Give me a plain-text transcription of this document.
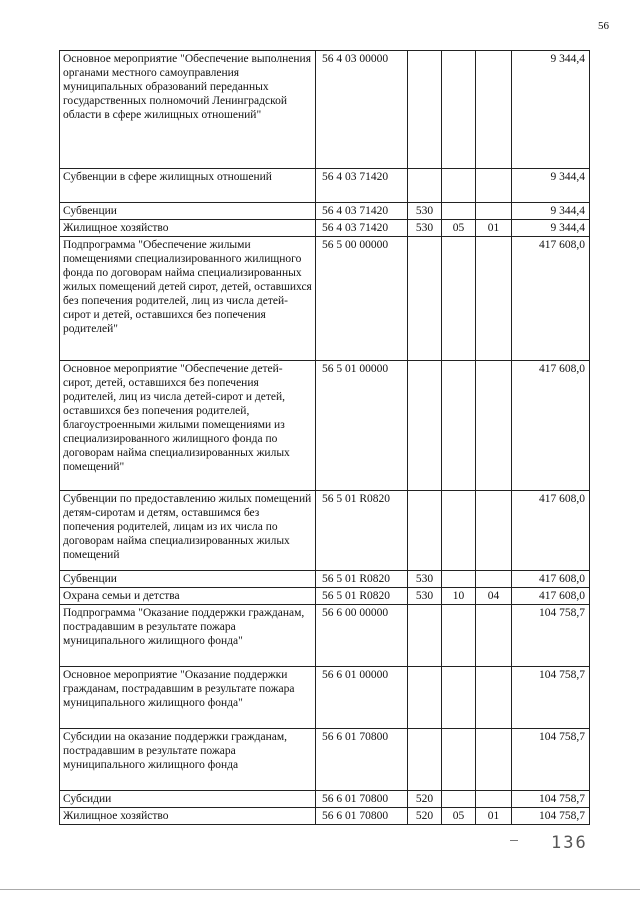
56
Основное мероприятие "Обеспечение выполнения органами местного самоуправления муниципальных образований переданных государственных полномочий Ленинградской области в сфере жилищных отношений"	56 4 03 00000				9 344,4
Субвенции в сфере жилищных отношений	56 4 03 71420				9 344,4
Субвенции	56 4 03 71420	530			9 344,4
Жилищное хозяйство	56 4 03 71420	530	05	01	9 344,4
Подпрограмма "Обеспечение жилыми помещениями специализированного жилищного фонда по договорам найма специализированных жилых помещений детей сирот, детей, оставшихся без попечения родителей, лиц из числа детей-сирот и детей, оставшихся без попечения родителей"	56 5 00 00000				417 608,0
Основное мероприятие "Обеспечение детей-сирот, детей, оставшихся без попечения родителей, лиц из числа детей-сирот и детей, оставшихся без попечения родителей, благоустроенными жилыми помещениями из специализированного жилищного фонда по договорам найма специализированных жилых помещений"	56 5 01 00000				417 608,0
Субвенции по предоставлению жилых помещений детям-сиротам и детям, оставшимся без попечения родителей, лицам из их числа по договорам найма специализированных жилых помещений	56 5 01 R0820				417 608,0
Субвенции	56 5 01 R0820	530			417 608,0
Охрана семьи и детства	56 5 01 R0820	530	10	04	417 608,0
Подпрограмма "Оказание поддержки гражданам, пострадавшим в результате пожара муниципального жилищного фонда"	56 6 00 00000				104 758,7
Основное мероприятие "Оказание поддержки гражданам, пострадавшим в результате пожара муниципального жилищного фонда"	56 6 01 00000				104 758,7
Субсидии на оказание поддержки гражданам, пострадавшим в результате пожара муниципального жилищного фонда	56 6 01 70800				104 758,7
Субсидии	56 6 01 70800	520			104 758,7
Жилищное хозяйство	56 6 01 70800	520	05	01	104 758,7
136
